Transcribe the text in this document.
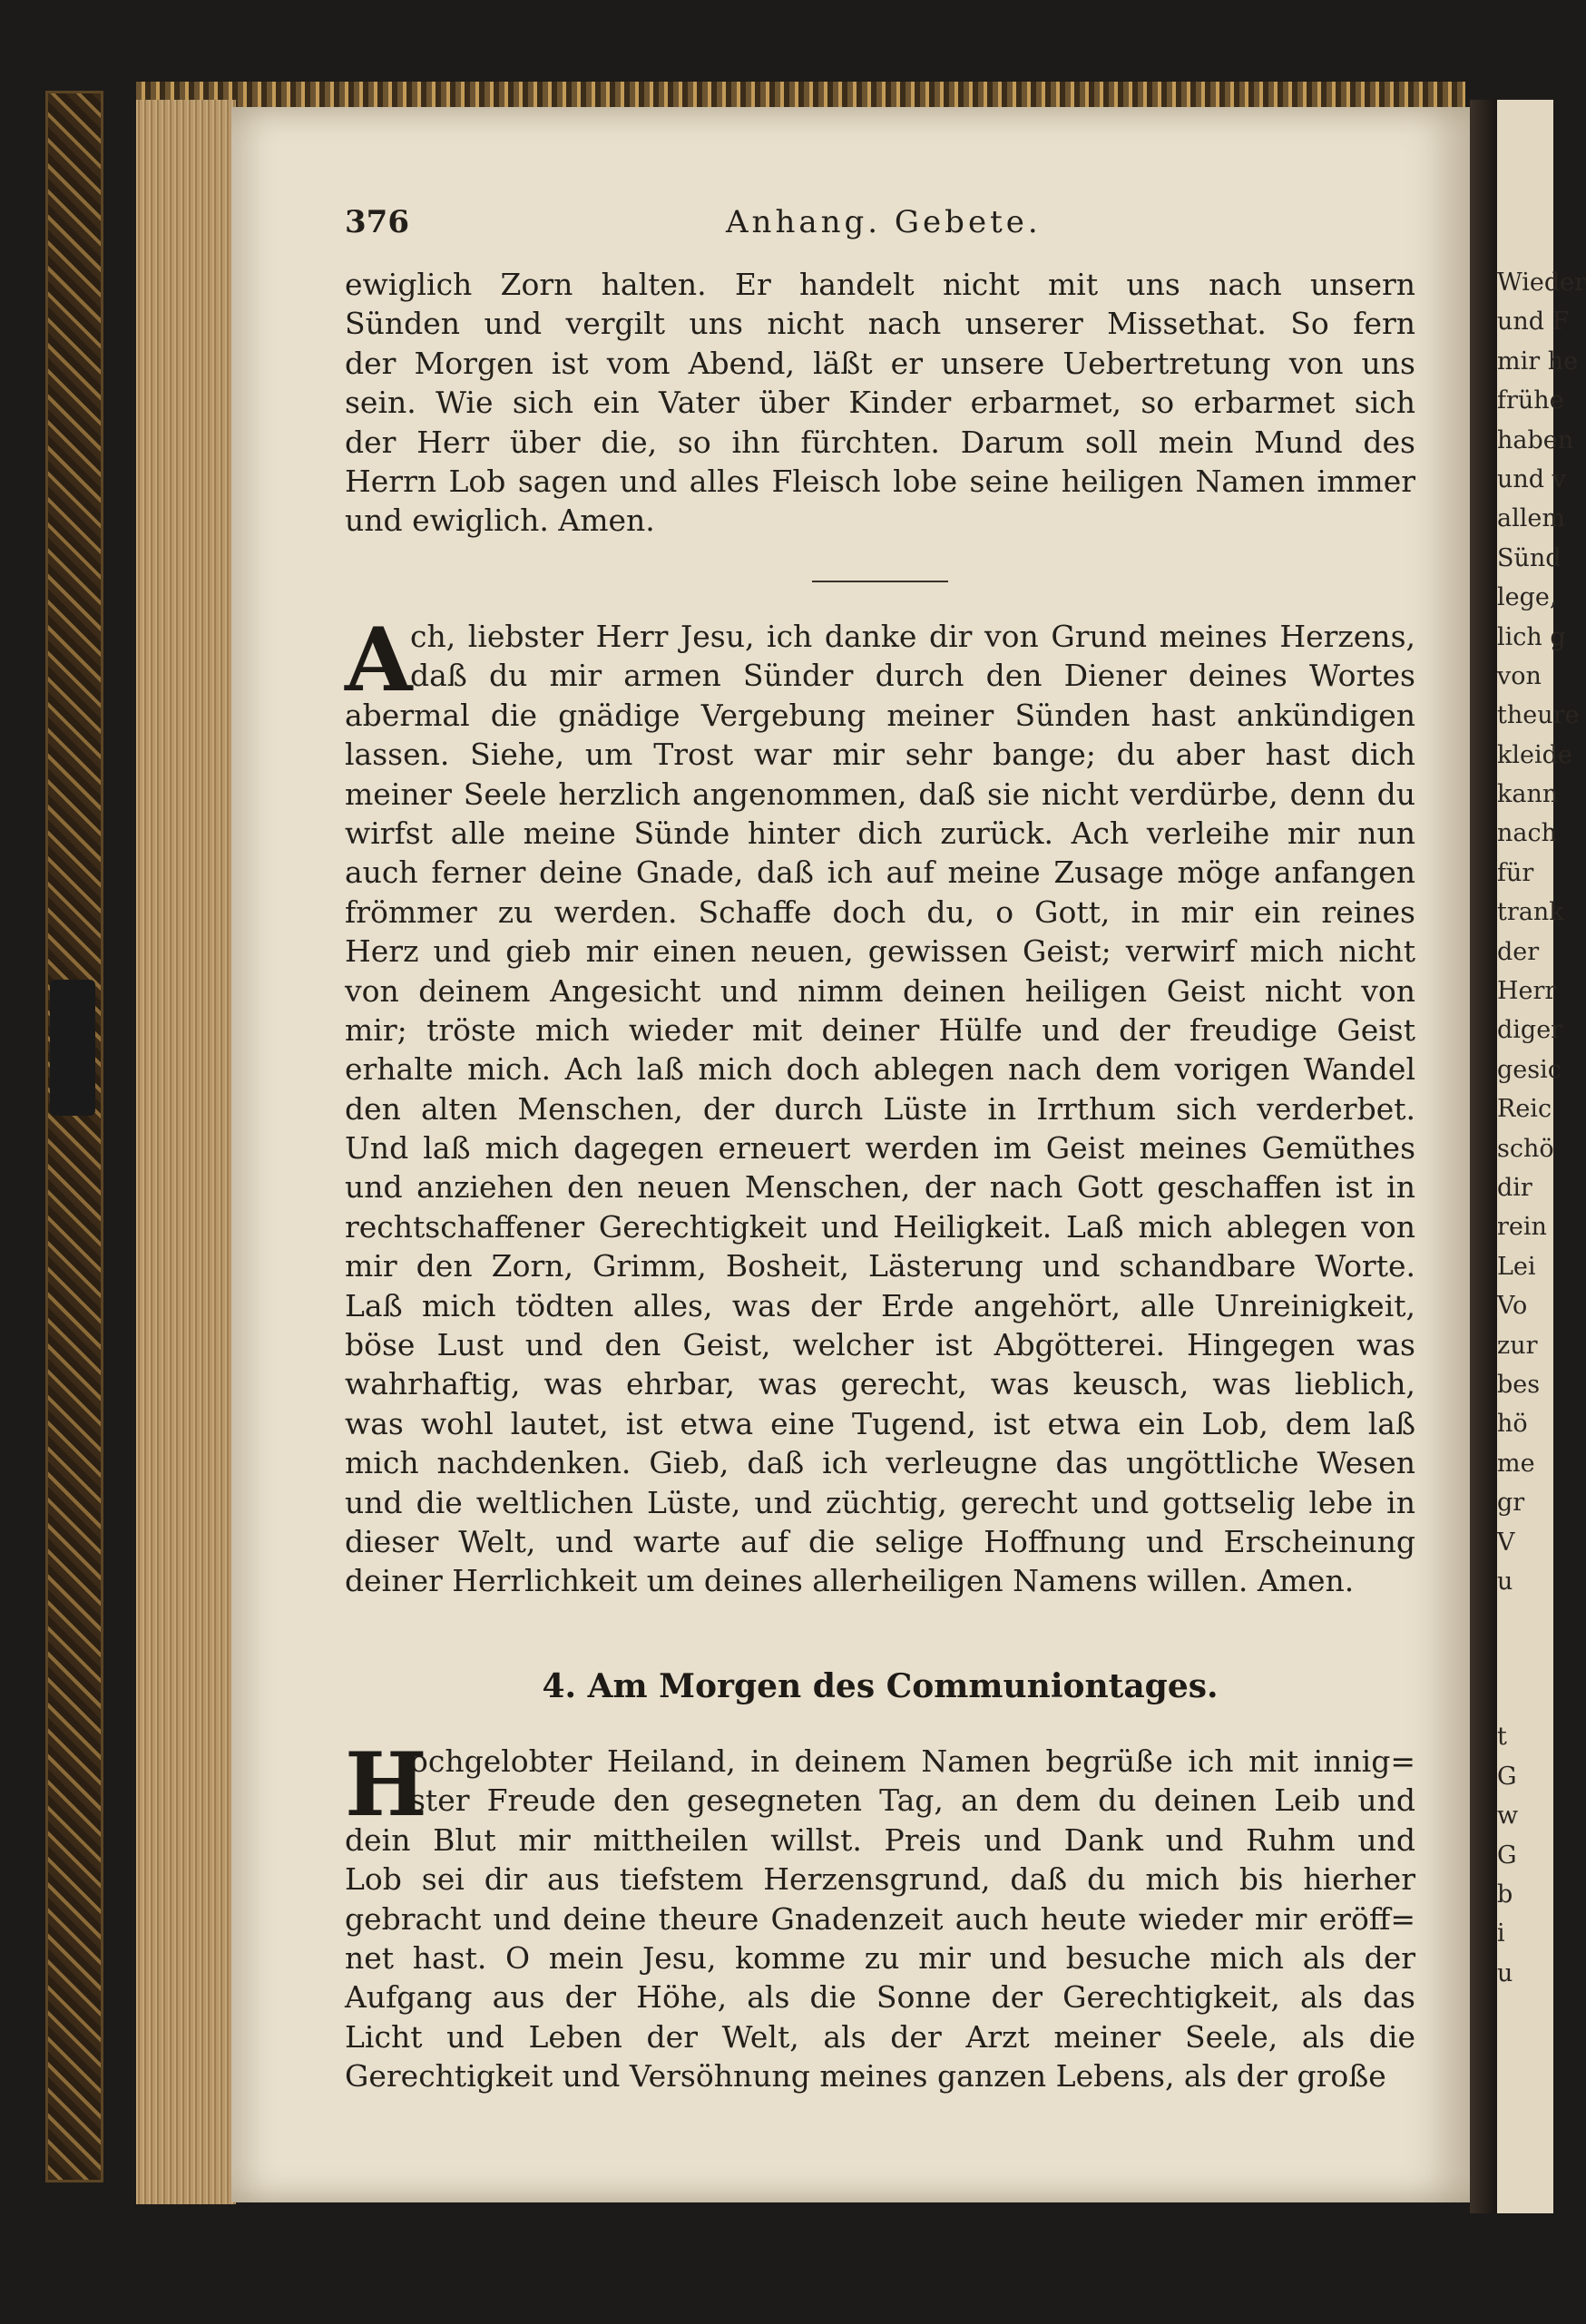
Wieder
und F
mir he
frühe
haben
und v
allem
Sünd
lege,
lich g
von
theure
kleide
kann
nach
für
trank
der
Herr
diger
gesic
Reic
schö
dir
rein
Lei
Vo
zur
bes
hö
me
gr
V
u
t
G
w
G
b
i
u
376	Anhang. Gebete.
ewiglich Zorn halten. Er handelt nicht mit uns nach unsern
Sünden und vergilt uns nicht nach unserer Missethat. So fern
der Morgen ist vom Abend, läßt er unsere Uebertretung von uns
sein. Wie sich ein Vater über Kinder erbarmet, so erbarmet sich
der Herr über die, so ihn fürchten. Darum soll mein Mund des
Herrn Lob sagen und alles Fleisch lobe seine heiligen Namen immer
und ewiglich. Amen.
A
ch, liebster Herr Jesu, ich danke dir von Grund meines Herzens,
daß du mir armen Sünder durch den Diener deines Wortes
abermal die gnädige Vergebung meiner Sünden hast ankündigen
lassen. Siehe, um Trost war mir sehr bange; du aber hast dich
meiner Seele herzlich angenommen, daß sie nicht verdürbe, denn du
wirfst alle meine Sünde hinter dich zurück. Ach verleihe mir nun
auch ferner deine Gnade, daß ich auf meine Zusage möge anfangen
frömmer zu werden. Schaffe doch du, o Gott, in mir ein reines
Herz und gieb mir einen neuen, gewissen Geist; verwirf mich nicht
von deinem Angesicht und nimm deinen heiligen Geist nicht von
mir; tröste mich wieder mit deiner Hülfe und der freudige Geist
erhalte mich. Ach laß mich doch ablegen nach dem vorigen Wandel
den alten Menschen, der durch Lüste in Irrthum sich verderbet.
Und laß mich dagegen erneuert werden im Geist meines Gemüthes
und anziehen den neuen Menschen, der nach Gott geschaffen ist in
rechtschaffener Gerechtigkeit und Heiligkeit. Laß mich ablegen von
mir den Zorn, Grimm, Bosheit, Lästerung und schandbare Worte.
Laß mich tödten alles, was der Erde angehört, alle Unreinigkeit,
böse Lust und den Geist, welcher ist Abgötterei. Hingegen was
wahrhaftig, was ehrbar, was gerecht, was keusch, was lieblich,
was wohl lautet, ist etwa eine Tugend, ist etwa ein Lob, dem laß
mich nachdenken. Gieb, daß ich verleugne das ungöttliche Wesen
und die weltlichen Lüste, und züchtig, gerecht und gottselig lebe in
dieser Welt, und warte auf die selige Hoffnung und Erscheinung
deiner Herrlichkeit um deines allerheiligen Namens willen. Amen.
4. Am Morgen des Communiontages.
H
ochgelobter Heiland, in deinem Namen begrüße ich mit innig=
ster Freude den gesegneten Tag, an dem du deinen Leib und
dein Blut mir mittheilen willst. Preis und Dank und Ruhm und
Lob sei dir aus tiefstem Herzensgrund, daß du mich bis hierher
gebracht und deine theure Gnadenzeit auch heute wieder mir eröff=
net hast. O mein Jesu, komme zu mir und besuche mich als der
Aufgang aus der Höhe, als die Sonne der Gerechtigkeit, als das
Licht und Leben der Welt, als der Arzt meiner Seele, als die
Gerechtigkeit und Versöhnung meines ganzen Lebens, als der große
